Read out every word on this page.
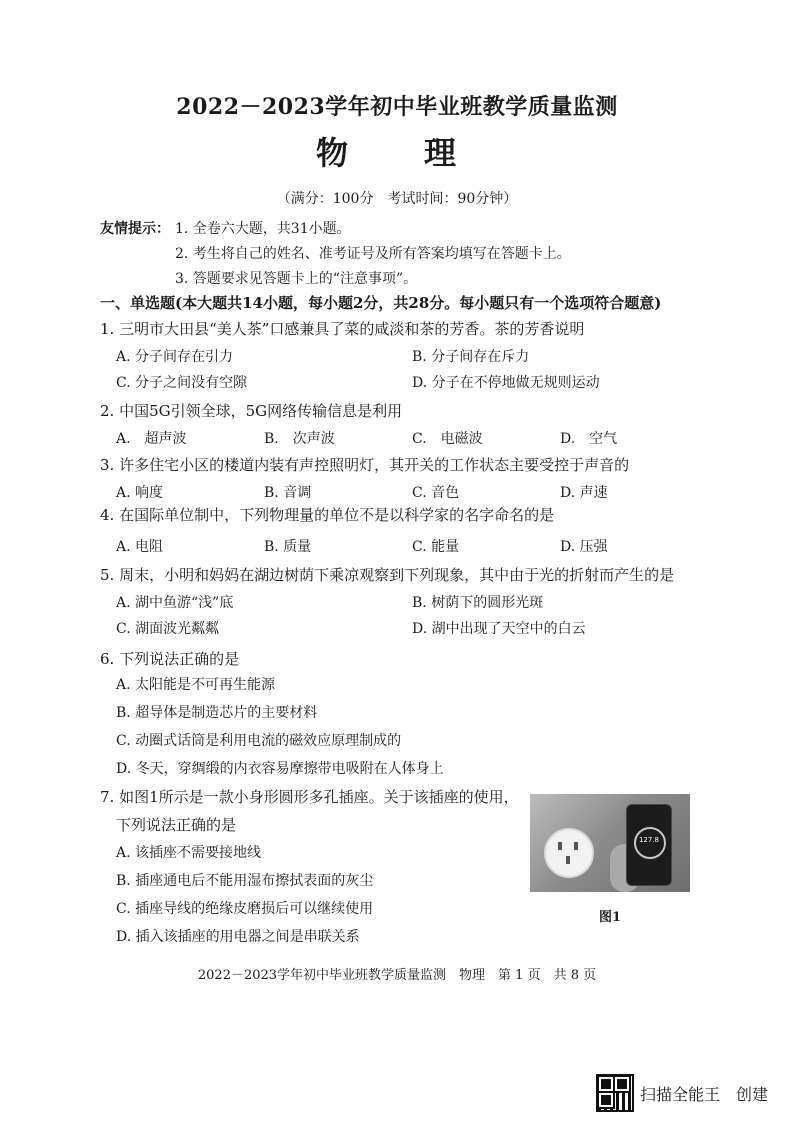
2022－2023学年初中毕业班教学质量监测
物　理
（满分：100分　考试时间：90分钟）
友情提示： 1. 全卷六大题，共31小题。
2. 考生将自己的姓名、准考证号及所有答案均填写在答题卡上。
3. 答题要求见答题卡上的“注意事项”。
一、单选题(本大题共14小题，每小题2分，共28分。每小题只有一个选项符合题意)
1. 三明市大田县“美人茶”口感兼具了菜的咸淡和茶的芳香。茶的芳香说明
A. 分子间存在引力	B. 分子间存在斥力
C. 分子之间没有空隙	D. 分子在不停地做无规则运动
2. 中国5G引领全球，5G网络传输信息是利用
A.　超声波	B.　次声波	C.　电磁波	D.　空气
3. 许多住宅小区的楼道内装有声控照明灯，其开关的工作状态主要受控于声音的
A. 响度	B. 音调	C. 音色	D. 声速
4. 在国际单位制中，下列物理量的单位不是以科学家的名字命名的是
A. 电阻	B. 质量	C. 能量	D. 压强
5. 周末，小明和妈妈在湖边树荫下乘凉观察到下列现象，其中由于光的折射而产生的是
A. 湖中鱼游“浅”底	B. 树荫下的圆形光斑
C. 湖面波光粼粼	D. 湖中出现了天空中的白云
6. 下列说法正确的是
A. 太阳能是不可再生能源
B. 超导体是制造芯片的主要材料
C. 动圈式话筒是利用电流的磁效应原理制成的
D. 冬天，穿绸缎的内衣容易摩擦带电吸附在人体身上
7. 如图1所示是一款小身形圆形多孔插座。关于该插座的使用，
下列说法正确的是
A. 该插座不需要接地线
B. 插座通电后不能用湿布擦拭表面的灰尘
C. 插座导线的绝缘皮磨损后可以继续使用
D. 插入该插座的用电器之间是串联关系
127.8
图1
2022－2023学年初中毕业班教学质量监测　物理　第 1 页　共 8 页
扫描全能王　创建
